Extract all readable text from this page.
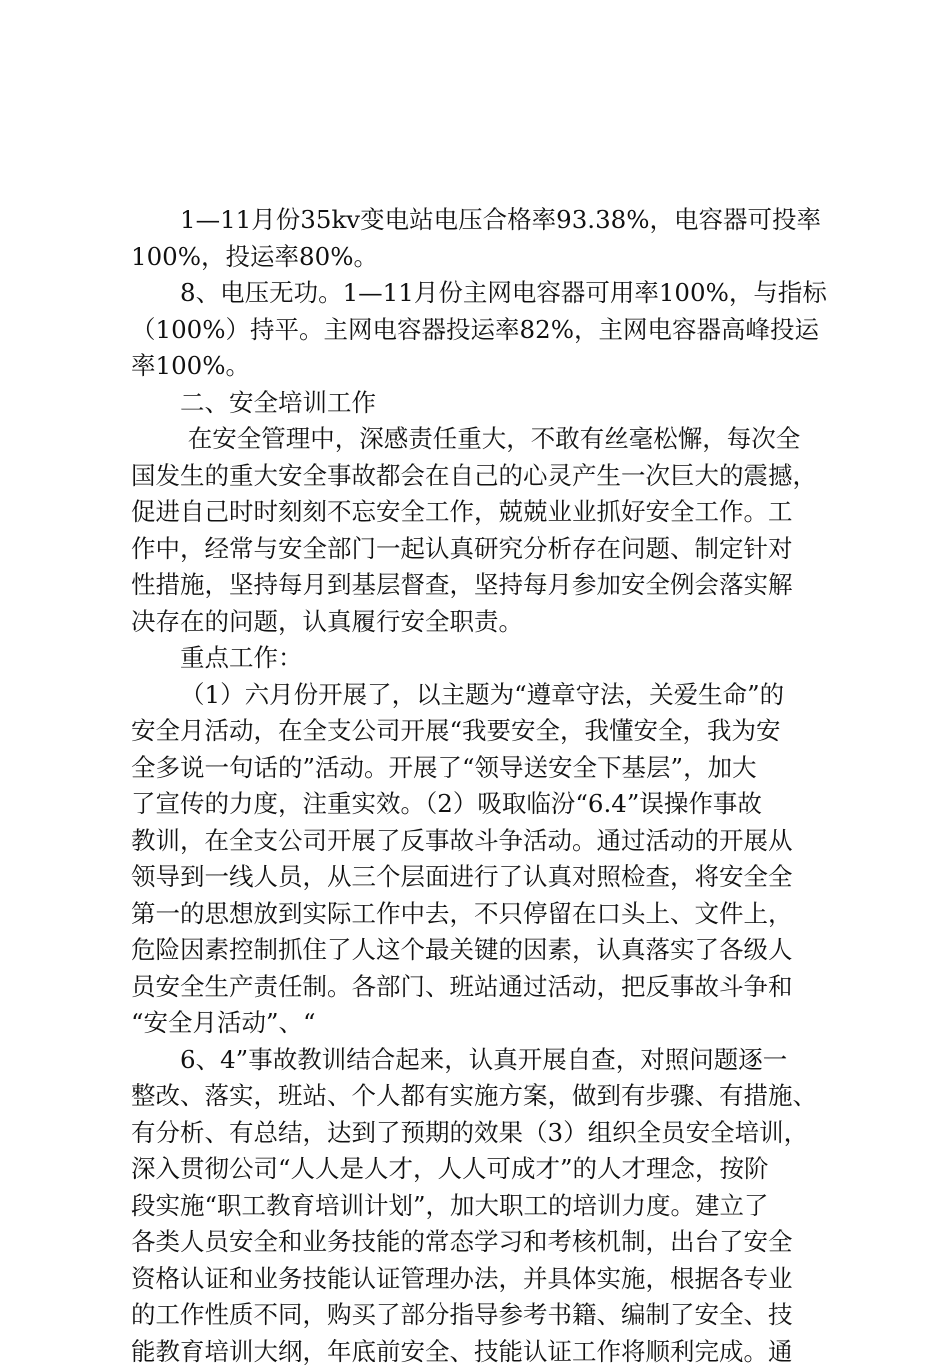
1—11月份35kv变电站电压合格率93.38%，电容器可投率
100%，投运率80%。
8、电压无功。1—11月份主网电容器可用率100%，与指标
（100%）持平。主网电容器投运率82%，主网电容器高峰投运
率100%。
二、安全培训工作
在安全管理中，深感责任重大，不敢有丝毫松懈，每次全
国发生的重大安全事故都会在自己的心灵产生一次巨大的震撼，
促进自己时时刻刻不忘安全工作，兢兢业业抓好安全工作。工
作中，经常与安全部门一起认真研究分析存在问题、制定针对
性措施，坚持每月到基层督查，坚持每月参加安全例会落实解
决存在的问题，认真履行安全职责。
重点工作：
（1）六月份开展了，以主题为“遵章守法，关爱生命”的
安全月活动，在全支公司开展“我要安全，我懂安全，我为安
全多说一句话的”活动。开展了“领导送安全下基层”，加大
了宣传的力度，注重实效。（2）吸取临汾“6.4”误操作事故
教训，在全支公司开展了反事故斗争活动。通过活动的开展从
领导到一线人员，从三个层面进行了认真对照检查，将安全全
第一的思想放到实际工作中去，不只停留在口头上、文件上，
危险因素控制抓住了人这个最关键的因素，认真落实了各级人
员安全生产责任制。各部门、班站通过活动，把反事故斗争和
“安全月活动”、“
6、4”事故教训结合起来，认真开展自查，对照问题逐一
整改、落实，班站、个人都有实施方案，做到有步骤、有措施、
有分析、有总结，达到了预期的效果（3）组织全员安全培训，
深入贯彻公司“人人是人才，人人可成才”的人才理念，按阶
段实施“职工教育培训计划”，加大职工的培训力度。建立了
各类人员安全和业务技能的常态学习和考核机制，出台了安全
资格认证和业务技能认证管理办法，并具体实施，根据各专业
的工作性质不同，购买了部分指导参考书籍、编制了安全、技
能教育培训大纲，年底前安全、技能认证工作将顺利完成。通
